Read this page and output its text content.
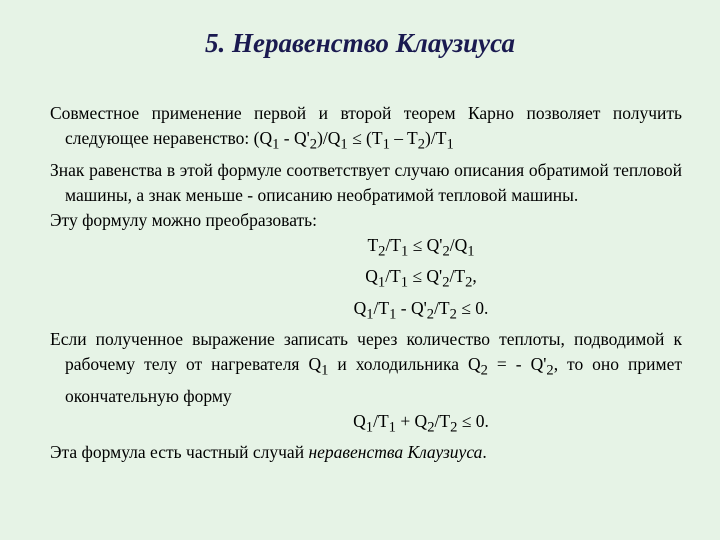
5. Неравенство Клаузиуса
Совместное применение первой и второй теорем Карно позволяет получить следующее неравенство: $(Q_1 - Q'_2)/Q_1 \le (T_1 - T_2)/T_1$
Знак равенства в этой формуле соответствует случаю описания обратимой тепловой машины, а знак меньше - описанию необратимой тепловой машины.
Эту формулу можно преобразовать:
$T_2/T_1 \le Q'_2/Q_1$
$Q_1/T_1 \le Q'_2/T_2$,
$Q_1/T_1 - Q'_2/T_2 \le 0$.
Если полученное выражение записать через количество теплоты, подводимой к рабочему телу от нагревателя $Q_1$ и холодильника $Q_2$ = - $Q'_2$, то оно примет окончательную форму
$Q_1/T_1 + Q_2/T_2 \le 0$.
Эта формула есть частный случай неравенства Клаузиуса.
